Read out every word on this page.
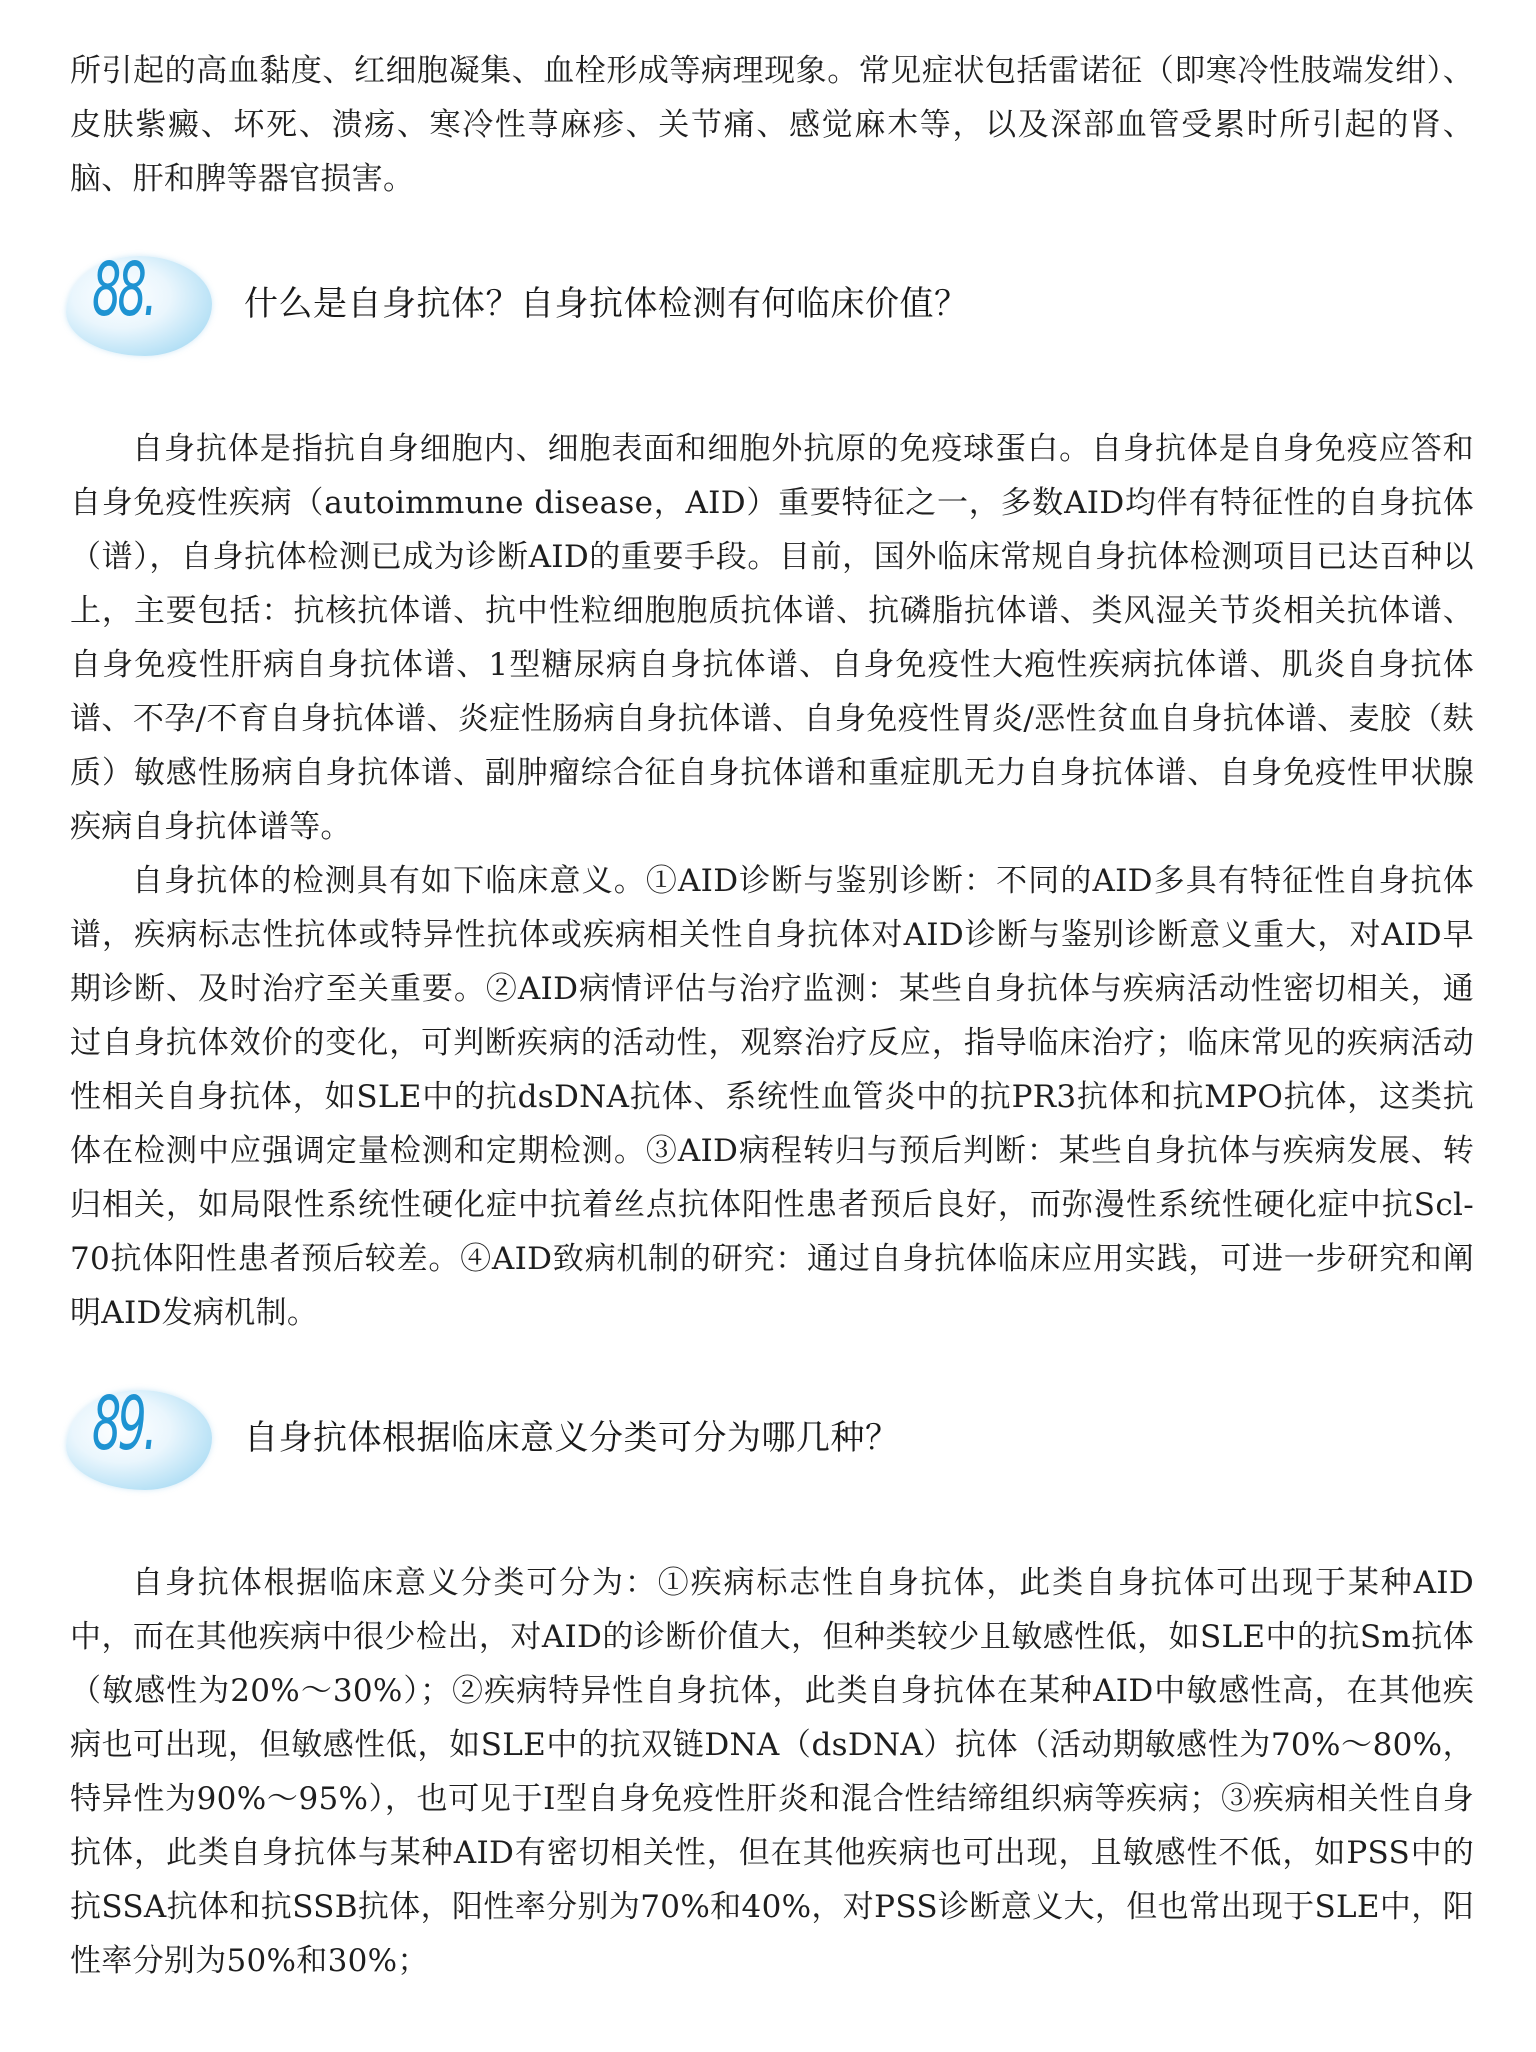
所引起的高血黏度、红细胞凝集、血栓形成等病理现象。常见症状包括雷诺征（即寒冷性肢端发绀）、皮肤紫癜、坏死、溃疡、寒冷性荨麻疹、关节痛、感觉麻木等，以及深部血管受累时所引起的肾、脑、肝和脾等器官损害。

88.	什么是自身抗体？自身抗体检测有何临床价值？

自身抗体是指抗自身细胞内、细胞表面和细胞外抗原的免疫球蛋白。自身抗体是自身免疫应答和自身免疫性疾病（autoimmune disease，AID）重要特征之一，多数AID均伴有特征性的自身抗体（谱），自身抗体检测已成为诊断AID的重要手段。目前，国外临床常规自身抗体检测项目已达百种以上，主要包括：抗核抗体谱、抗中性粒细胞胞质抗体谱、抗磷脂抗体谱、类风湿关节炎相关抗体谱、自身免疫性肝病自身抗体谱、1型糖尿病自身抗体谱、自身免疫性大疱性疾病抗体谱、肌炎自身抗体谱、不孕/不育自身抗体谱、炎症性肠病自身抗体谱、自身免疫性胃炎/恶性贫血自身抗体谱、麦胶（麸质）敏感性肠病自身抗体谱、副肿瘤综合征自身抗体谱和重症肌无力自身抗体谱、自身免疫性甲状腺疾病自身抗体谱等。

自身抗体的检测具有如下临床意义。①AID诊断与鉴别诊断：不同的AID多具有特征性自身抗体谱，疾病标志性抗体或特异性抗体或疾病相关性自身抗体对AID诊断与鉴别诊断意义重大，对AID早期诊断、及时治疗至关重要。②AID病情评估与治疗监测：某些自身抗体与疾病活动性密切相关，通过自身抗体效价的变化，可判断疾病的活动性，观察治疗反应，指导临床治疗；临床常见的疾病活动性相关自身抗体，如SLE中的抗dsDNA抗体、系统性血管炎中的抗PR3抗体和抗MPO抗体，这类抗体在检测中应强调定量检测和定期检测。③AID病程转归与预后判断：某些自身抗体与疾病发展、转归相关，如局限性系统性硬化症中抗着丝点抗体阳性患者预后良好，而弥漫性系统性硬化症中抗Scl-70抗体阳性患者预后较差。④AID致病机制的研究：通过自身抗体临床应用实践，可进一步研究和阐明AID发病机制。

89.	自身抗体根据临床意义分类可分为哪几种？

自身抗体根据临床意义分类可分为：①疾病标志性自身抗体，此类自身抗体可出现于某种AID中，而在其他疾病中很少检出，对AID的诊断价值大，但种类较少且敏感性低，如SLE中的抗Sm抗体（敏感性为20%～30%）；②疾病特异性自身抗体，此类自身抗体在某种AID中敏感性高，在其他疾病也可出现，但敏感性低，如SLE中的抗双链DNA（dsDNA）抗体（活动期敏感性为70%～80%，特异性为90%～95%），也可见于Ⅰ型自身免疫性肝炎和混合性结缔组织病等疾病；③疾病相关性自身抗体，此类自身抗体与某种AID有密切相关性，但在其他疾病也可出现，且敏感性不低，如PSS中的抗SSA抗体和抗SSB抗体，阳性率分别为70%和40%，对PSS诊断意义大，但也常出现于SLE中，阳性率分别为50%和30%；
